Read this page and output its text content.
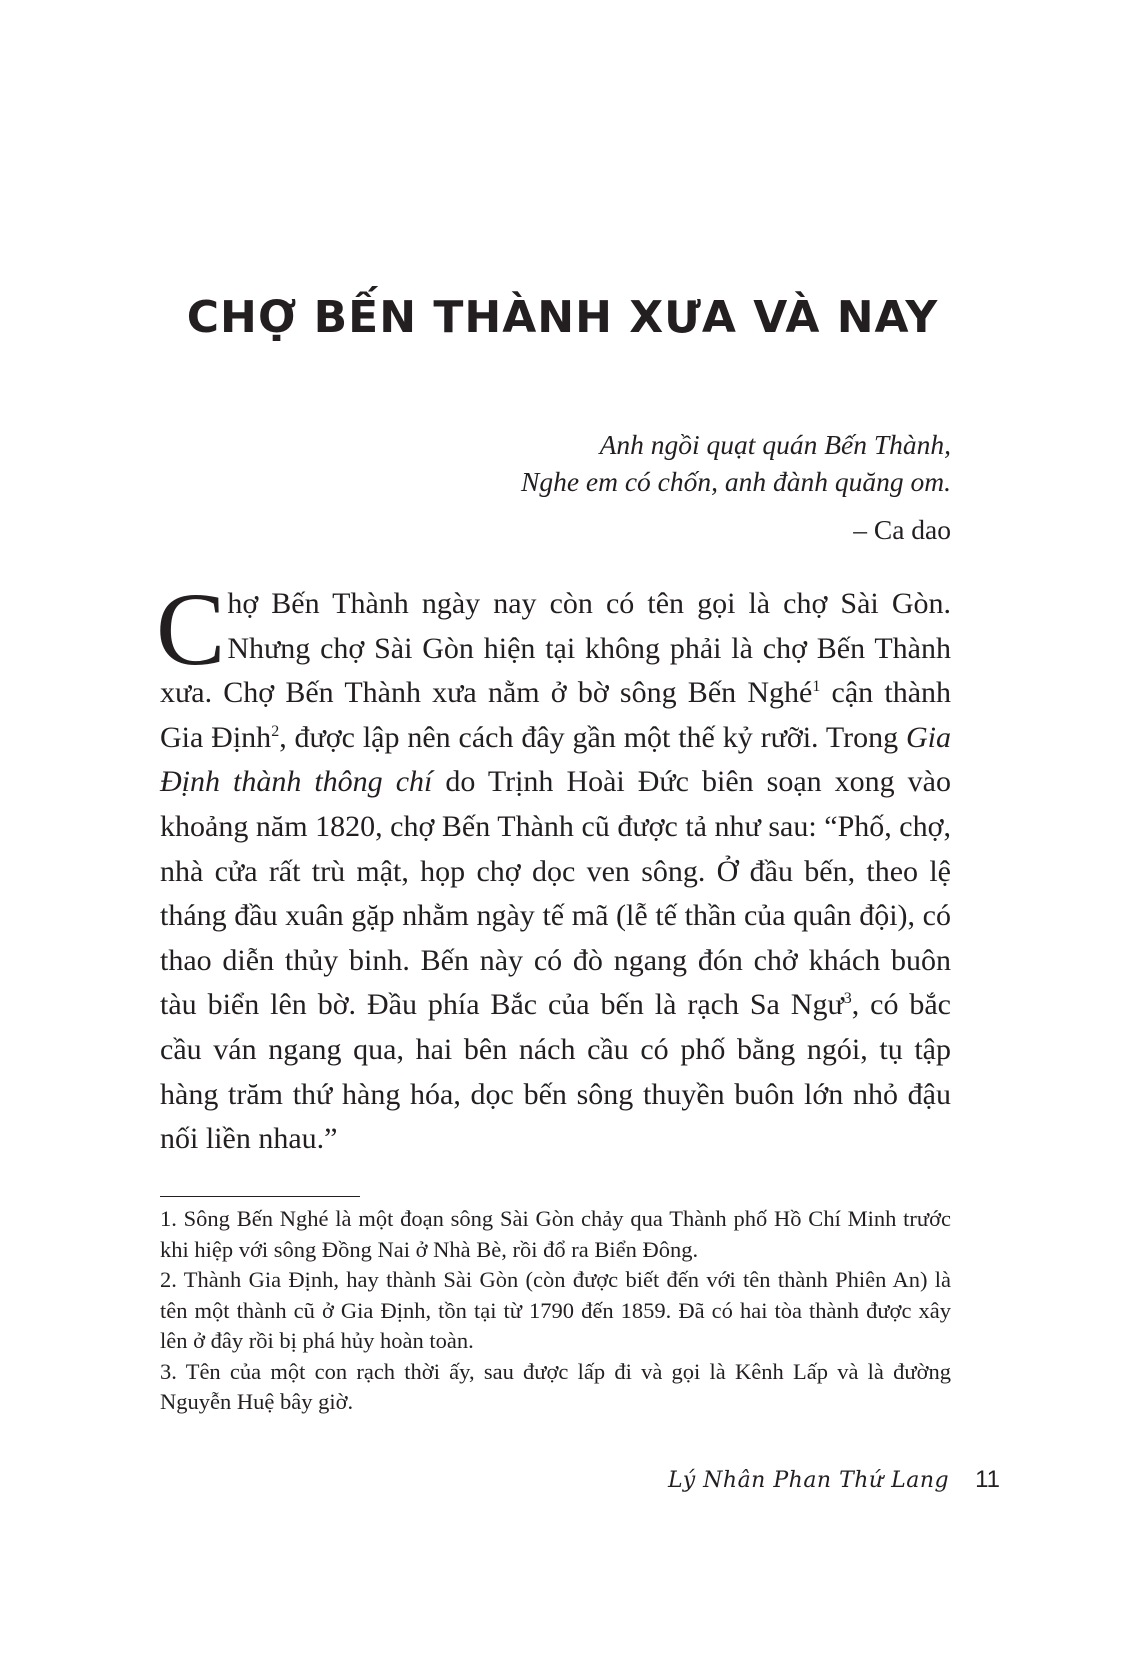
CHỢ BẾN THÀNH XƯA VÀ NAY
Anh ngồi quạt quán Bến Thành,
Nghe em có chốn, anh đành quăng om.
– Ca dao

Chợ Bến Thành ngày nay còn có tên gọi là chợ Sài Gòn. Nhưng chợ Sài Gòn hiện tại không phải là chợ Bến Thành xưa. Chợ Bến Thành xưa nằm ở bờ sông Bến Nghé$^1$ cận thành Gia Định$^2$, được lập nên cách đây gần một thế kỷ rưỡi. Trong Gia Định thành thông chí do Trịnh Hoài Đức biên soạn xong vào khoảng năm 1820, chợ Bến Thành cũ được tả như sau: “Phố, chợ, nhà cửa rất trù mật, họp chợ dọc ven sông. Ở đầu bến, theo lệ tháng đầu xuân gặp nhằm ngày tế mã (lễ tế thần của quân đội), có thao diễn thủy binh. Bến này có đò ngang đón chở khách buôn tàu biển lên bờ. Đầu phía Bắc của bến là rạch Sa Ngư$^3$, có bắc cầu ván ngang qua, hai bên nách cầu có phố bằng ngói, tụ tập hàng trăm thứ hàng hóa, dọc bến sông thuyền buôn lớn nhỏ đậu nối liền nhau.”

1. Sông Bến Nghé là một đoạn sông Sài Gòn chảy qua Thành phố Hồ Chí Minh trước khi hiệp với sông Đồng Nai ở Nhà Bè, rồi đổ ra Biển Đông.
2. Thành Gia Định, hay thành Sài Gòn (còn được biết đến với tên thành Phiên An) là tên một thành cũ ở Gia Định, tồn tại từ 1790 đến 1859. Đã có hai tòa thành được xây lên ở đây rồi bị phá hủy hoàn toàn.
3. Tên của một con rạch thời ấy, sau được lấp đi và gọi là Kênh Lấp và là đường Nguyễn Huệ bây giờ.
Lý Nhân Phan Thứ Lang 11
